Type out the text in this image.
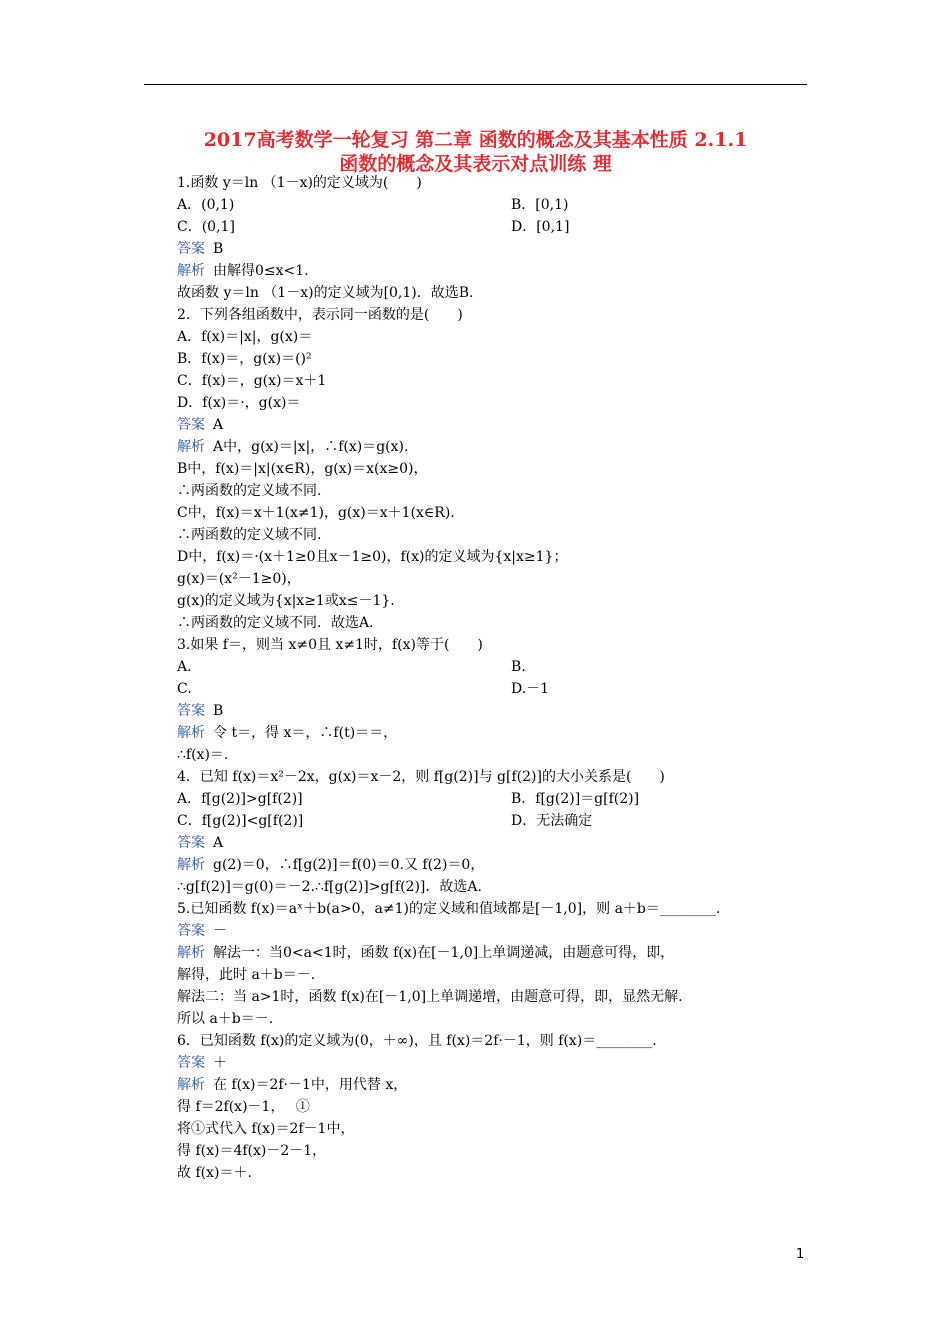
2017高考数学一轮复习 第二章 函数的概念及其基本性质 2.1.1
函数的概念及其表示对点训练 理
1.函数 y＝ln （1－x)的定义域为(　　)
A．(0,1)	B．[0,1)
C．(0,1]	D．[0,1]
答案 B
解析 由解得0≤x<1.
故函数 y＝ln （1－x)的定义域为[0,1)．故选B.
2．下列各组函数中，表示同一函数的是(　　)
A．f(x)＝|x|，g(x)＝
B．f(x)＝，g(x)＝()²
C．f(x)＝，g(x)＝x＋1
D．f(x)＝·，g(x)＝
答案 A
解析 A中，g(x)＝|x|，∴f(x)＝g(x).
B中，f(x)＝|x|(x∈R)，g(x)＝x(x≥0)，
∴两函数的定义域不同.
C中，f(x)＝x＋1(x≠1)，g(x)＝x＋1(x∈R).
∴两函数的定义域不同.
D中，f(x)＝·(x＋1≥0且x－1≥0)，f(x)的定义域为{x|x≥1}；
g(x)＝(x²－1≥0)，
g(x)的定义域为{x|x≥1或x≤－1}.
∴两函数的定义域不同．故选A.
3.如果 f＝，则当 x≠0且 x≠1时，f(x)等于(　　)
A.	B.
C.	D.－1
答案 B
解析 令 t＝，得 x＝，∴f(t)＝＝，
∴f(x)＝.
4．已知 f(x)＝x²－2x，g(x)＝x－2，则 f[g(2)]与 g[f(2)]的大小关系是(　　)
A．f[g(2)]>g[f(2)]	B．f[g(2)]＝g[f(2)]
C．f[g(2)]<g[f(2)]	D．无法确定
答案 A
解析 g(2)＝0，∴f[g(2)]＝f(0)＝0.又 f(2)＝0，
∴g[f(2)]＝g(0)＝－2.∴f[g(2)]>g[f(2)]．故选A.
5.已知函数 f(x)＝aˣ＋b(a>0，a≠1)的定义域和值域都是[－1,0]，则 a＋b＝________.
答案 －
解析 解法一：当0<a<1时，函数 f(x)在[－1,0]上单调递减，由题意可得，即，
解得，此时 a＋b＝－.
解法二：当 a>1时，函数 f(x)在[－1,0]上单调递增，由题意可得，即，显然无解.
所以 a＋b＝－.
6．已知函数 f(x)的定义域为(0，＋∞)，且 f(x)＝2f·－1，则 f(x)＝________.
答案 ＋
解析 在 f(x)＝2f·－1中，用代替 x，
得 f＝2f(x)－1，　 ①
将①式代入 f(x)＝2f－1中，
得 f(x)＝4f(x)－2－1，
故 f(x)＝＋.
1
